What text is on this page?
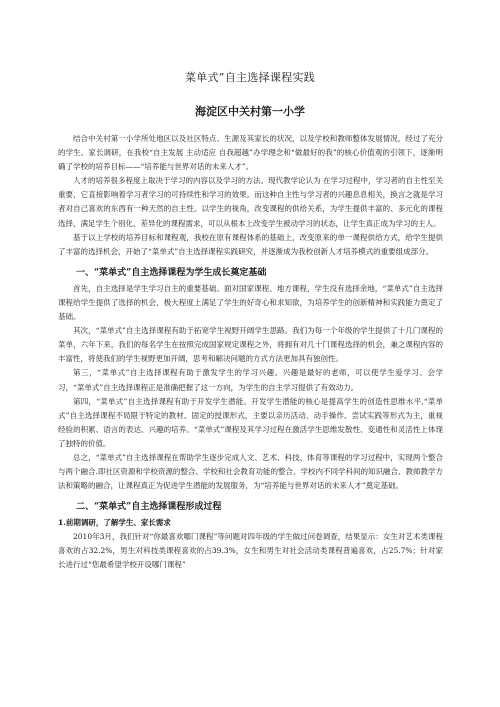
菜单式”自主选择课程实践
海淀区中关村第一小学

结合中关村第一小学所处地区以及社区特点、生源及其家长的状况，以及学校和教师整体发展情况，经过了充分的学生、家长调研，在我校“自主发展 主动适应 自我超越”办学理念和“做最好的我”的核心价值观的引领下，逐渐明确了学校的培养目标——“培养能与世界对话的未来人才”。

人才的培养很多程度上取决于学习的内容以及学习的方法。现代教学论认为 在学习过程中，学习者的自主性至关重要，它直接影响着学习者学习的可持续性和学习的效果。而这种自主性与学习者的兴趣息息相关，换言之就是学习者对自己喜欢的东西有一种天然的自主性。以学生的视角，改变课程的供给关系，为学生提供丰富的、多元化的课程选择，满足学生个别化、差异化的课程需求，可以从根本上改变学生被动学习的状态，让学生真正成为学习的主人。

基于以上学校的培养目标和课程观，我校在原有课程体系的基础上，改变原来的单一课程供给方式，给学生提供了丰富的选择机会，开始了“菜单式”自主选择课程实践研究，并逐渐成为我校创新人才培养模式的重要组成部分。

一、“菜单式”自主选择课程为学生成长奠定基础

首先，自主选择是学生学习自主的重要基础。面对国家课程、地方课程，学生没有选择余地，“菜单式”自主选择课程给学生提供了选择的机会，极大程度上满足了学生的好奇心和求知欲，为培养学生的创新精神和实践能力奠定了基础。

其次，“菜单式”自主选择课程有助于拓宽学生视野开阔学生思路。我们为每一个年级的学生提供了十几门课程的菜单，六年下来，我们的每名学生在按照完成国家规定课程之外，将拥有对几十门课程选择的机会，兼之课程内容的丰富性，将使我们的学生视野更加开阔，思考和解决问题的方式方法更加具有独创性。

第三，“菜单式”自主选择课程有助于激发学生的学习兴趣。兴趣是最好的老师，可以使学生爱学习、会学习，“菜单式”自主选择课程正是准确把握了这一方向，为学生的自主学习提供了有效动力。

第四，“菜单式”自主选择课程有助于开发学生潜能。开发学生潜能的核心是提高学生的创造性思维水平,“菜单式”自主选择课程不局限于特定的教材、固定的授课形式，主要以亲历活动、动手操作、尝试实践等形式为主，重视经验的积累、语言的表达、兴趣的培养。“菜单式”课程及其学习过程在激活学生思维发散性、变通性和灵活性上体现了独特的价值。

总之，“菜单式”自主选择课程在帮助学生逐步完成人文、艺术、科技、体育等课程的学习过程中，实现两个整合与两个融合.即社区资源和学校资源的整合、学校和社会教育功能的整合、学校内不同学科间的知识融合、教师教学方法和策略的融合，让课程真正为促进学生潜能的发展服务，为“培养能与世界对话的未来人才”奠定基础。

二、“菜单式”自主选择课程形成过程
1.前期调研，了解学生、家长需求

2010年3月，我们针对“你最喜欢哪门课程”等问题对四年级的学生做过问卷调查，结果显示：女生对艺术类课程喜欢的占32.2%，男生对科技类课程喜欢的占39.3%，女生和男生对社会活动类课程普遍喜欢，占25.7%；针对家长进行过“您最希望学校开设哪门课程”
